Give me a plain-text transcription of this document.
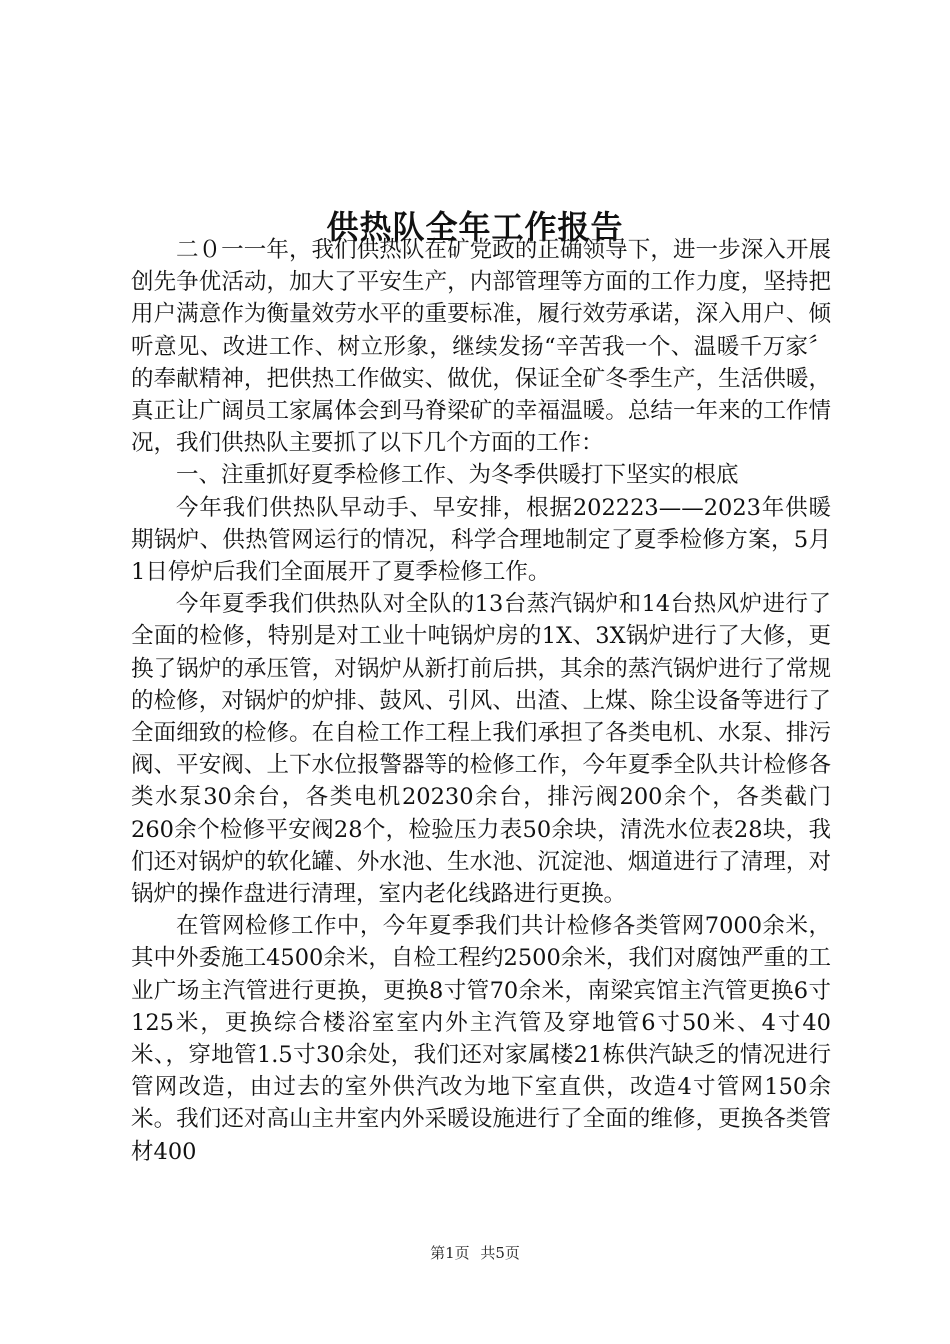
供热队全年工作报告

二０一一年，我们供热队在矿党政的正确领导下，进一步深入开展创先争优活动，加大了平安生产，内部管理等方面的工作力度，坚持把用户满意作为衡量效劳水平的重要标准，履行效劳承诺，深入用户、倾听意见、改进工作、树立形象，继续发扬“辛苦我一个、温暖千万家〞的奉献精神，把供热工作做实、做优，保证全矿冬季生产，生活供暖，真正让广阔员工家属体会到马脊梁矿的幸福温暖。总结一年来的工作情况，我们供热队主要抓了以下几个方面的工作：

一、注重抓好夏季检修工作、为冬季供暖打下坚实的根底

今年我们供热队早动手、早安排，根据202223——2023年供暖期锅炉、供热管网运行的情况，科学合理地制定了夏季检修方案，5月1日停炉后我们全面展开了夏季检修工作。

今年夏季我们供热队对全队的13台蒸汽锅炉和14台热风炉进行了全面的检修，特别是对工业十吨锅炉房的1X、3X锅炉进行了大修，更换了锅炉的承压管，对锅炉从新打前后拱，其余的蒸汽锅炉进行了常规的检修，对锅炉的炉排、鼓风、引风、出渣、上煤、除尘设备等进行了全面细致的检修。在自检工作工程上我们承担了各类电机、水泵、排污阀、平安阀、上下水位报警器等的检修工作，今年夏季全队共计检修各类水泵30余台，各类电机20230余台，排污阀200余个，各类截门260余个检修平安阀28个，检验压力表50余块，清洗水位表28块，我们还对锅炉的软化罐、外水池、生水池、沉淀池、烟道进行了清理，对锅炉的操作盘进行清理，室内老化线路进行更换。

在管网检修工作中，今年夏季我们共计检修各类管网7000余米，其中外委施工4500余米，自检工程约2500余米，我们对腐蚀严重的工业广场主汽管进行更换，更换8寸管70余米，南梁宾馆主汽管更换6寸125米，更换综合楼浴室室内外主汽管及穿地管6寸50米、4寸40米、，穿地管1.5寸30余处，我们还对家属楼21栋供汽缺乏的情况进行管网改造，由过去的室外供汽改为地下室直供，改造4寸管网150余米。我们还对高山主井室内外采暖设施进行了全面的维修，更换各类管材400

第1页 共5页
